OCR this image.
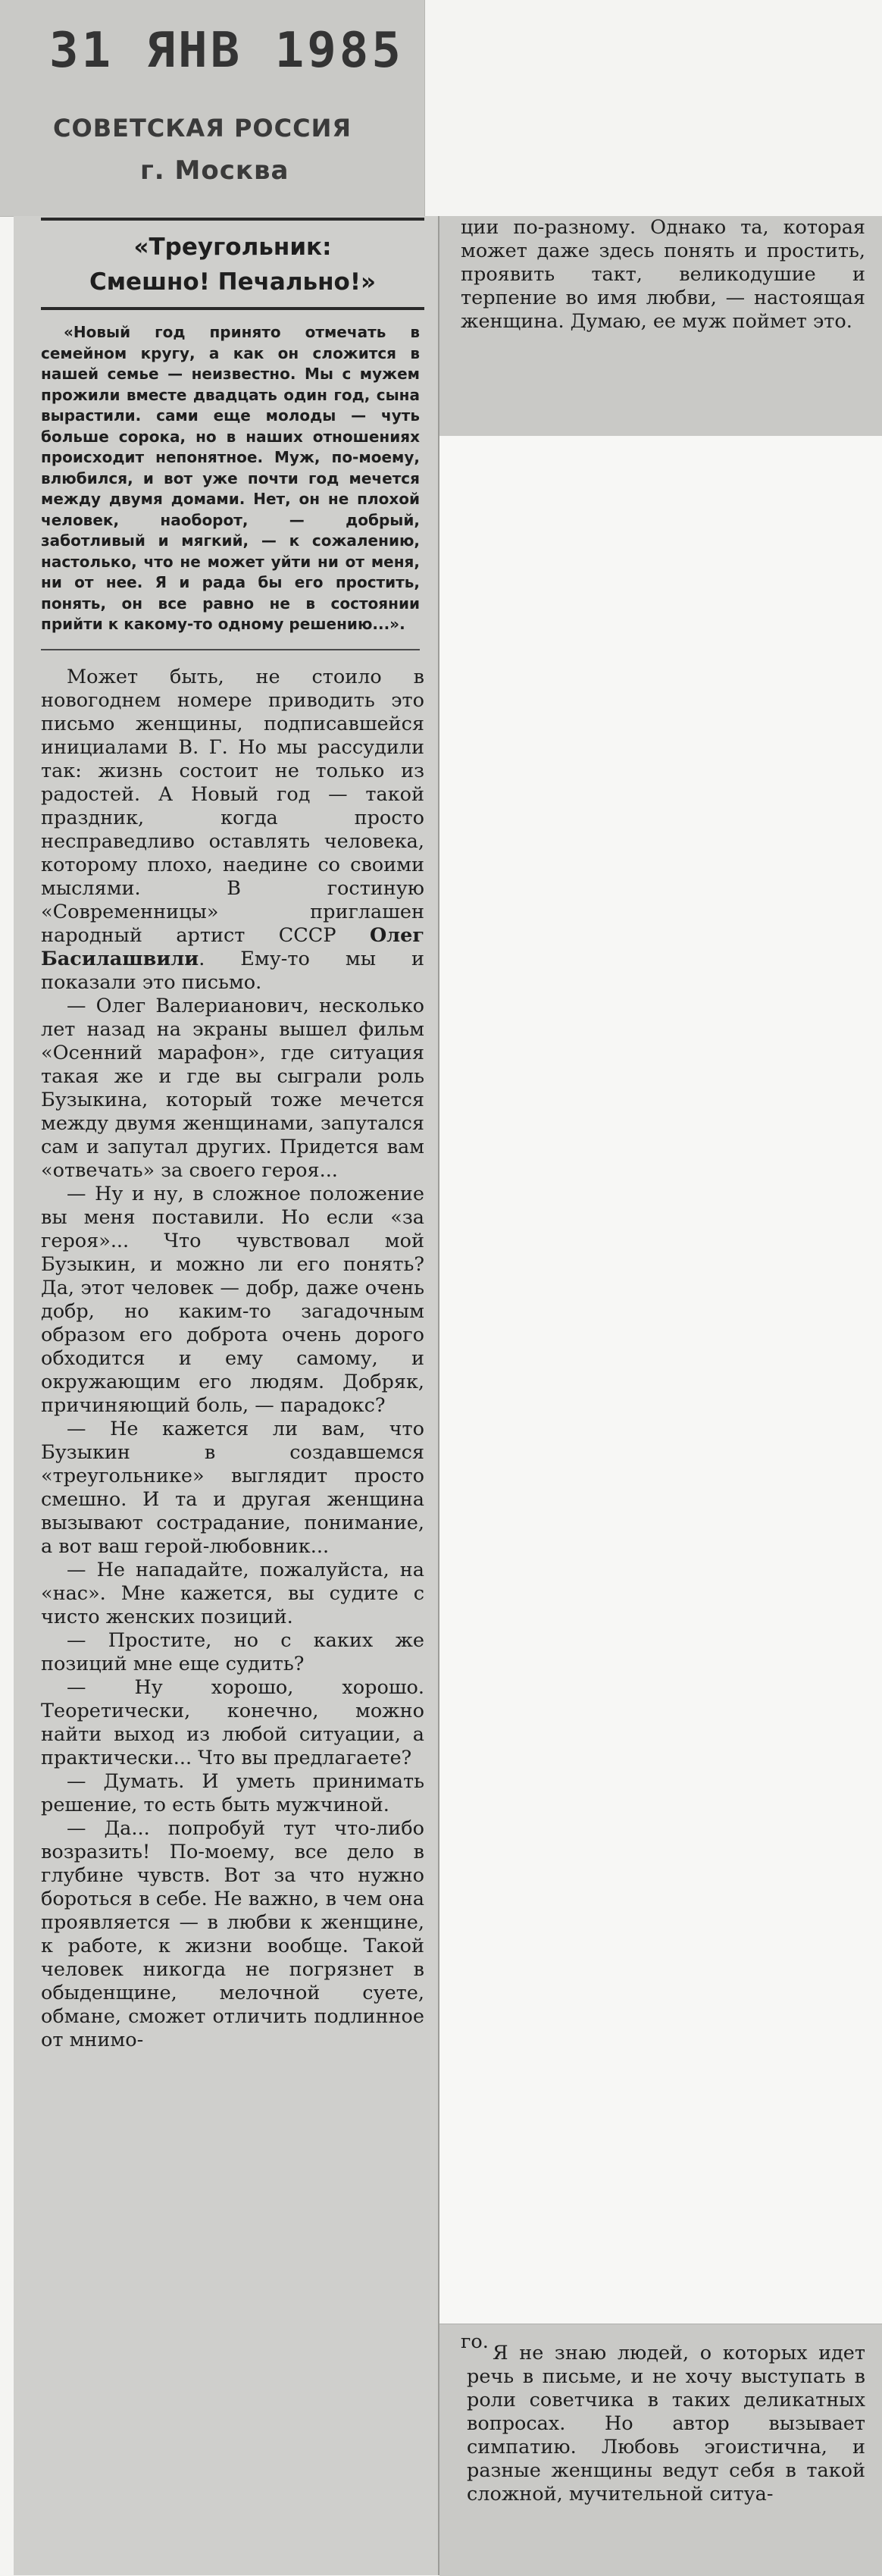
31 ЯНВ 1985
СОВЕТСКАЯ РОССИЯ
г. Москва
«Треугольник:
Смешно! Печально!»
«Новый год принято отмечать в семейном кругу, а как он сложится в нашей семье — неизвестно. Мы с мужем прожили вместе двадцать один год, сына вырастили. сами еще молоды — чуть больше сорока, но в наших отношениях происходит непонятное. Муж, по-моему, влюбился, и вот уже почти год мечется между двумя домами. Нет, он не плохой человек, наоборот, — добрый, заботливый и мягкий, — к сожалению, настолько, что не может уйти ни от меня, ни от нее. Я и рада бы его простить, понять, он все равно не в состоянии прийти к какому-то одному решению...».

Может быть, не стоило в новогоднем номере приводить это письмо женщины, подписавшейся инициалами В. Г. Но мы рассудили так: жизнь состоит не только из радостей. А Новый год — такой праздник, когда просто несправедливо оставлять человека, которому плохо, наедине со своими мыслями. В гостиную «Современницы» приглашен народный артист СССР Олег Басилашвили. Ему-то мы и показали это письмо.

— Олег Валерианович, несколько лет назад на экраны вышел фильм «Осенний марафон», где ситуация такая же и где вы сыграли роль Бузыкина, который тоже мечется между двумя женщинами, запутался сам и запутал других. Придется вам «отвечать» за своего героя...

— Ну и ну, в сложное положение вы меня поставили. Но если «за героя»... Что чувствовал мой Бузыкин, и можно ли его понять? Да, этот человек — добр, даже очень добр, но каким-то загадочным образом его доброта очень дорого обходится и ему самому, и окружающим его людям. Добряк, причиняющий боль, — парадокс?

— Не кажется ли вам, что Бузыкин в создавшемся «треугольнике» выглядит просто смешно. И та и другая женщина вызывают сострадание, понимание, а вот ваш герой-любовник...

— Не нападайте, пожалуйста, на «нас». Мне кажется, вы судите с чисто женских позиций.

— Простите, но с каких же позиций мне еще судить?

— Ну хорошо, хорошо. Теоретически, конечно, можно найти выход из любой ситуации, а практически... Что вы предлагаете?

— Думать. И уметь принимать решение, то есть быть мужчиной.

— Да... попробуй тут что-либо возразить! По-моему, все дело в глубине чувств. Вот за что нужно бороться в себе. Не важно, в чем она проявляется — в любви к женщине, к работе, к жизни вообще. Такой человек никогда не погрязнет в обыденщине, мелочной суете, обмане, сможет отличить подлинное от мнимо-

ции по-разному. Однако та, которая может даже здесь понять и простить, проявить такт, великодушие и терпение во имя любви, — настоящая женщина. Думаю, ее муж поймет это.

го. Я не знаю людей, о которых идет речь в письме, и не хочу выступать в роли советчика в таких деликатных вопросах. Но автор вызывает симпатию. Любовь эгоистична, и разные женщины ведут себя в такой сложной, мучительной ситуа-
